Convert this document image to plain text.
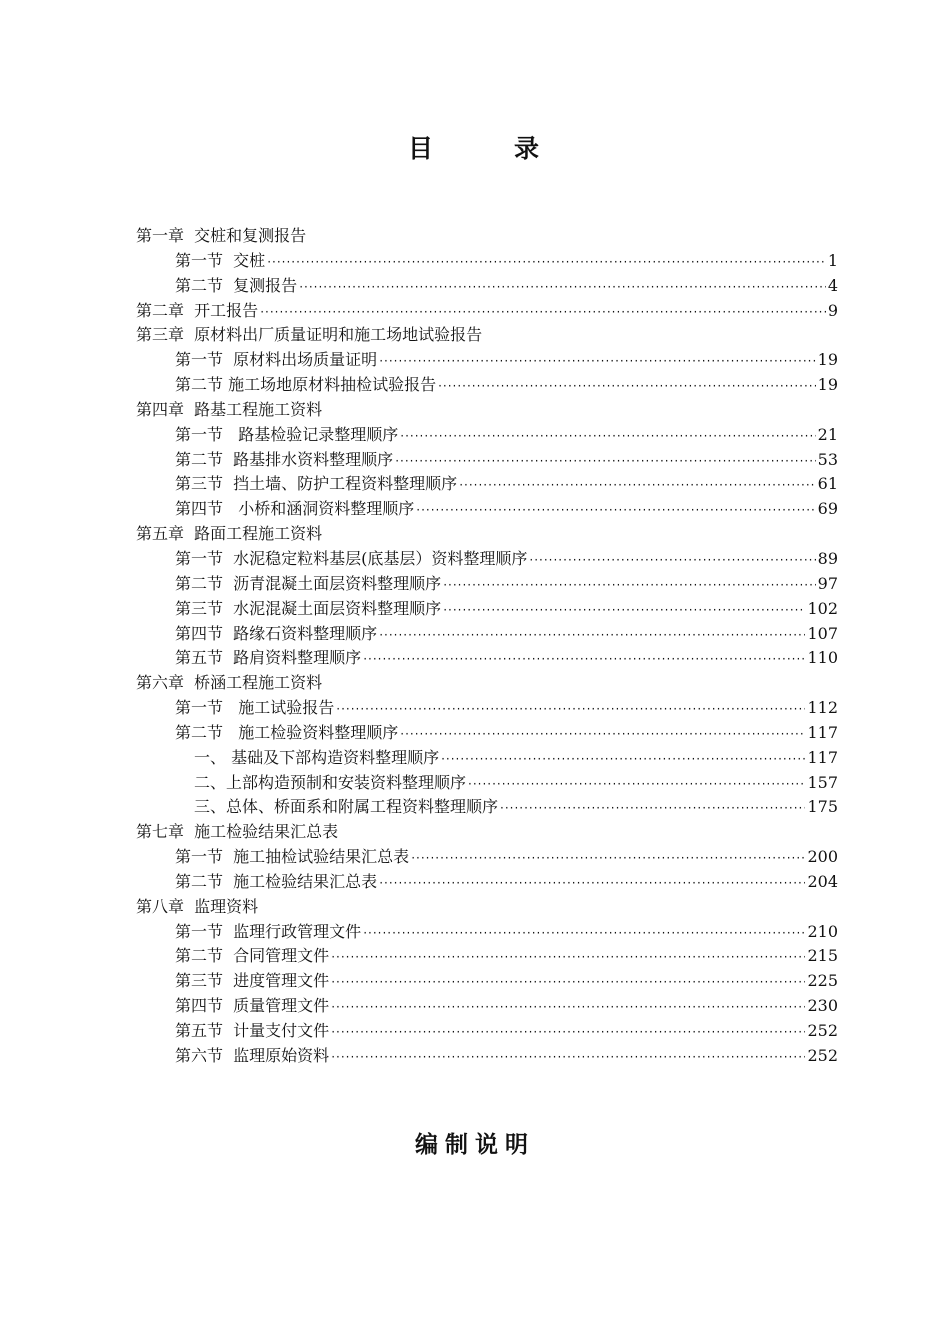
目　录
第一章  交桩和复测报告
第一节  交桩 ·····	1
第二节  复测报告 ·····	4
第二章  开工报告 ·····	9
第三章  原材料出厂质量证明和施工场地试验报告
第一节  原材料出场质量证明 ·····	19
第二节 施工场地原材料抽检试验报告 ·····	19
第四章  路基工程施工资料
第一节   路基检验记录整理顺序 ·····	21
第二节  路基排水资料整理顺序 ·····	53
第三节  挡土墙、防护工程资料整理顺序 ·····	61
第四节   小桥和涵洞资料整理顺序 ·····	69
第五章  路面工程施工资料
第一节  水泥稳定粒料基层(底基层）资料整理顺序 ·····	89
第二节  沥青混凝土面层资料整理顺序 ·····	97
第三节  水泥混凝土面层资料整理顺序 ·····	102
第四节  路缘石资料整理顺序 ·····	107
第五节  路肩资料整理顺序 ·····	110
第六章  桥涵工程施工资料
第一节   施工试验报告 ·····	112
第二节   施工检验资料整理顺序 ·····	117
一、 基础及下部构造资料整理顺序 ·····	117
二、上部构造预制和安装资料整理顺序 ·····	157
三、总体、桥面系和附属工程资料整理顺序 ·····	175
第七章  施工检验结果汇总表
第一节  施工抽检试验结果汇总表 ·····	200
第二节  施工检验结果汇总表 ·····	204
第八章  监理资料
第一节  监理行政管理文件 ·····	210
第二节  合同管理文件 ·····	215
第三节  进度管理文件 ·····	225
第四节  质量管理文件 ·····	230
第五节  计量支付文件 ·····	252
第六节  监理原始资料 ·····	252
编制说明
